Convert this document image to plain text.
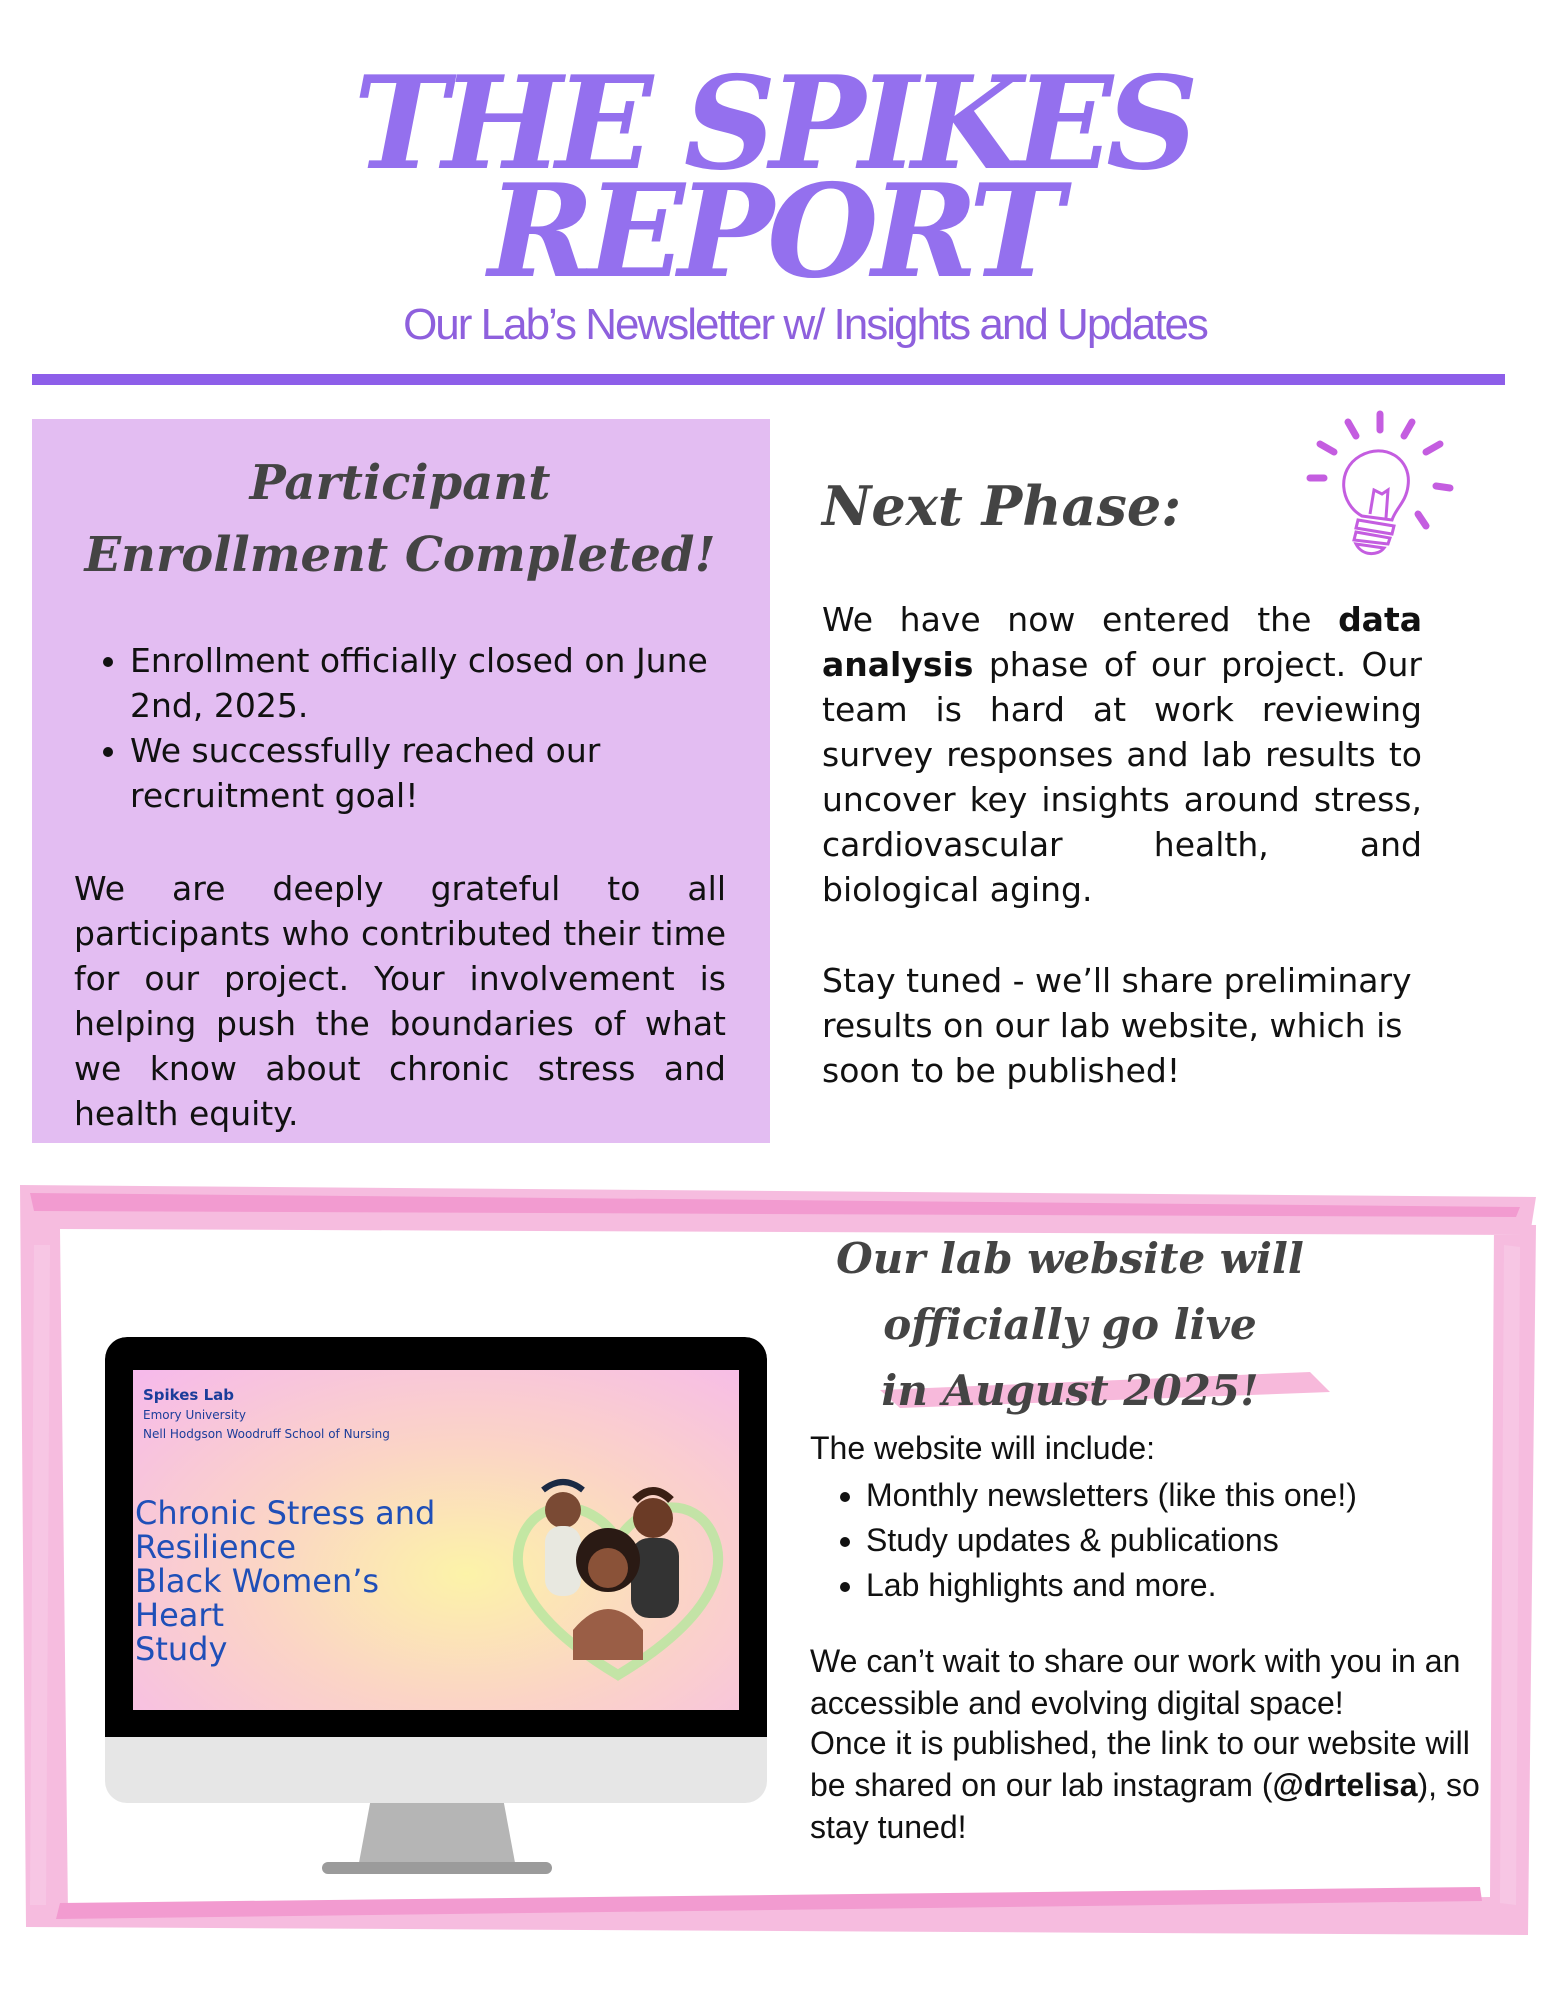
THE SPIKES
REPORT
Our Lab’s Newsletter w/ Insights and Updates
Participant
Enrollment Completed!
• Enrollment officially closed on June 2nd, 2025.
• We successfully reached our recruitment goal!
We are deeply grateful to all participants who contributed their time for our project. Your involvement is helping push the boundaries of what we know about chronic stress and health equity.
Next Phase:
We have now entered the data analysis phase of our project. Our team is hard at work reviewing survey responses and lab results to uncover key insights around stress, cardiovascular health, and biological aging.
Stay tuned - we’ll share preliminary results on our lab website, which is soon to be published!
Spikes Lab
Emory University
Nell Hodgson Woodruff School of Nursing
Chronic Stress and
Resilience
Black Women’s Heart
Study
Our lab website will
officially go live
in August 2025!
The website will include:
• Monthly newsletters (like this one!)
• Study updates & publications
• Lab highlights and more.
We can’t wait to share our work with you in an accessible and evolving digital space!
Once it is published, the link to our website will be shared on our lab instagram (@drtelisa), so stay tuned!
